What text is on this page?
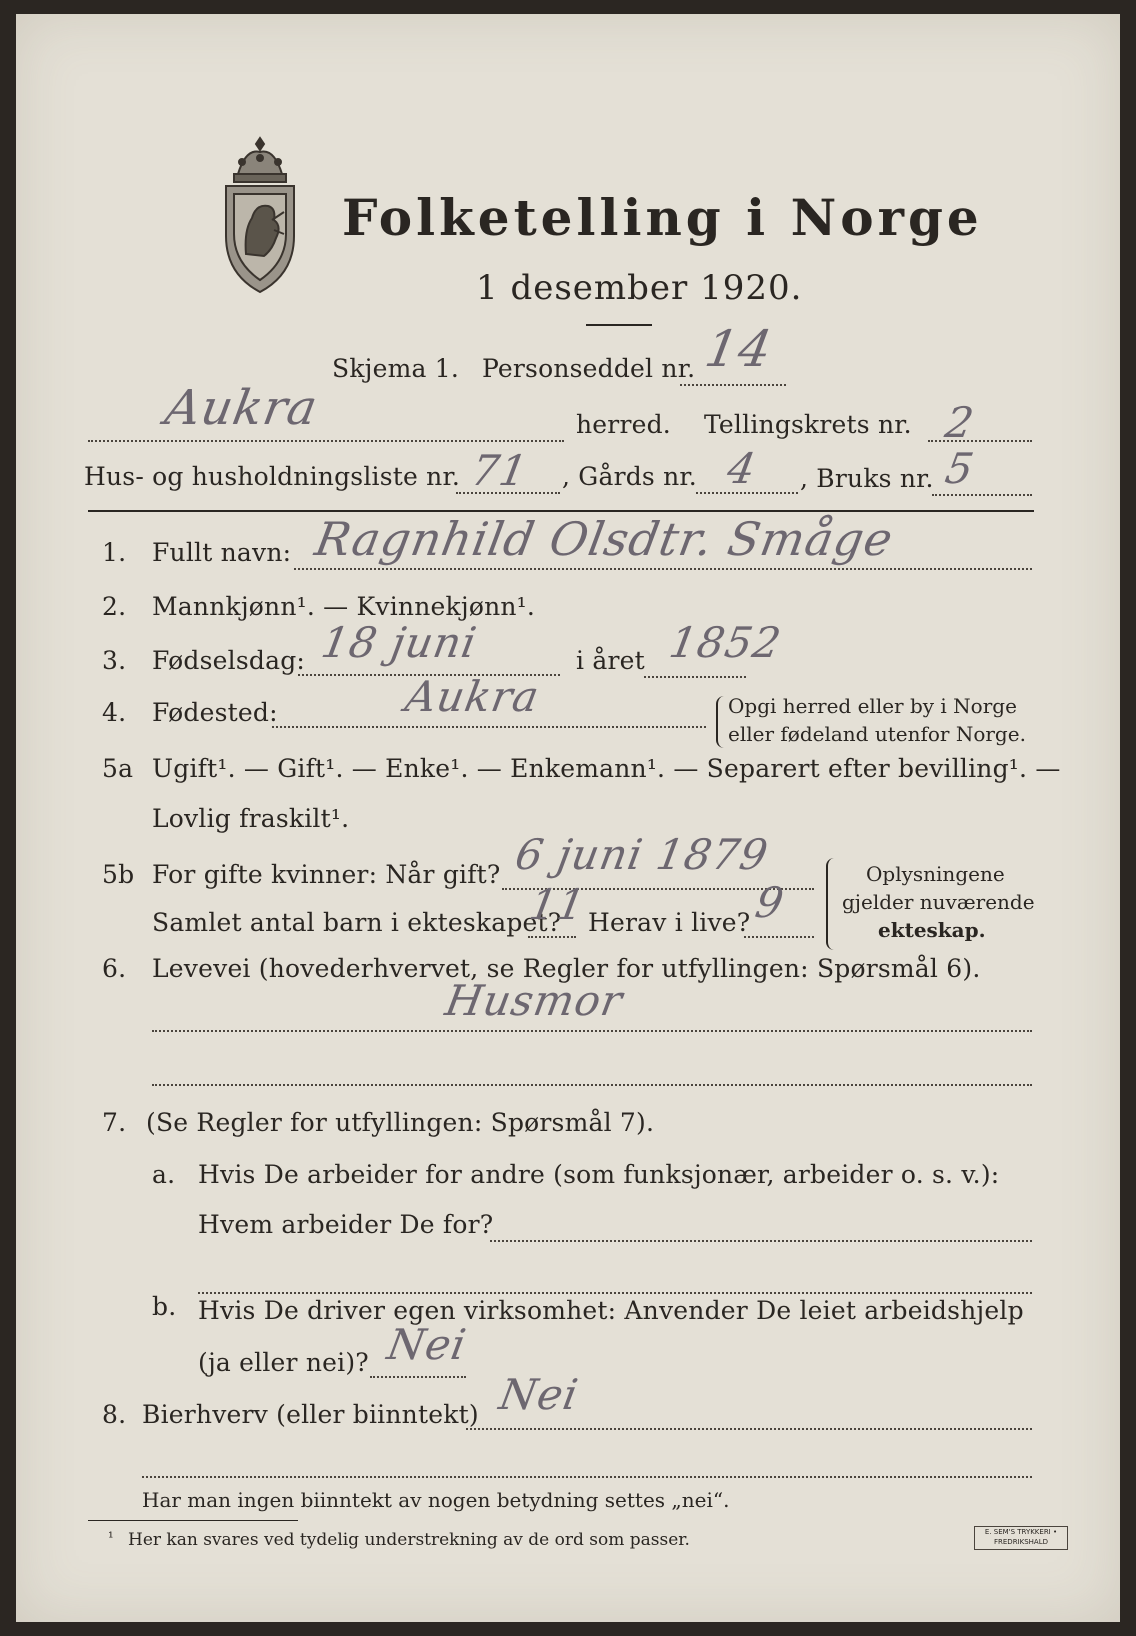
Folketelling i Norge
1 desember 1920.
Skjema 1. Personseddel nr. 14
Aukra	herred. Tellingskrets nr. 2
Hus- og husholdningsliste nr. 71 , Gårds nr. 4 , Bruks nr. 5
1. Fullt navn: Ragnhild Olsdtr. Småge
2. Mannkjønn¹. — Kvinnekjønn¹.
3. Fødselsdag: 18 juni	i året 1852
4. Fødested:	Aukra	Opgi herred eller by i Norge
eller fødeland utenfor Norge.
5a Ugift¹. — Gift¹. — Enke¹. — Enkemann¹. — Separert efter bevilling¹. —
Lovlig fraskilt¹.
5b For gifte kvinner: Når gift? 6 juni 1879
Samlet antal barn i ekteskapet?
11
Herav i live? 9
Oplysningene
gjelder nuværende
ekteskap.
6. Levevei (hovederhvervet, se Regler for utfyllingen: Spørsmål 6).
Husmor
7. (Se Regler for utfyllingen: Spørsmål 7).
a. Hvis De arbeider for andre (som funksjonær, arbeider o. s. v.):
Hvem arbeider De for?
b. Hvis De driver egen virksomhet: Anvender De leiet arbeidshjelp
(ja eller nei)? Nei
8. Bierhverv (eller biinntekt) Nei
Har man ingen biinntekt av nogen betydning settes „nei“.
¹ Her kan svares ved tydelig understrekning av de ord som passer.	E. SEM'S TRYKKERI • FREDRIKSHALD
